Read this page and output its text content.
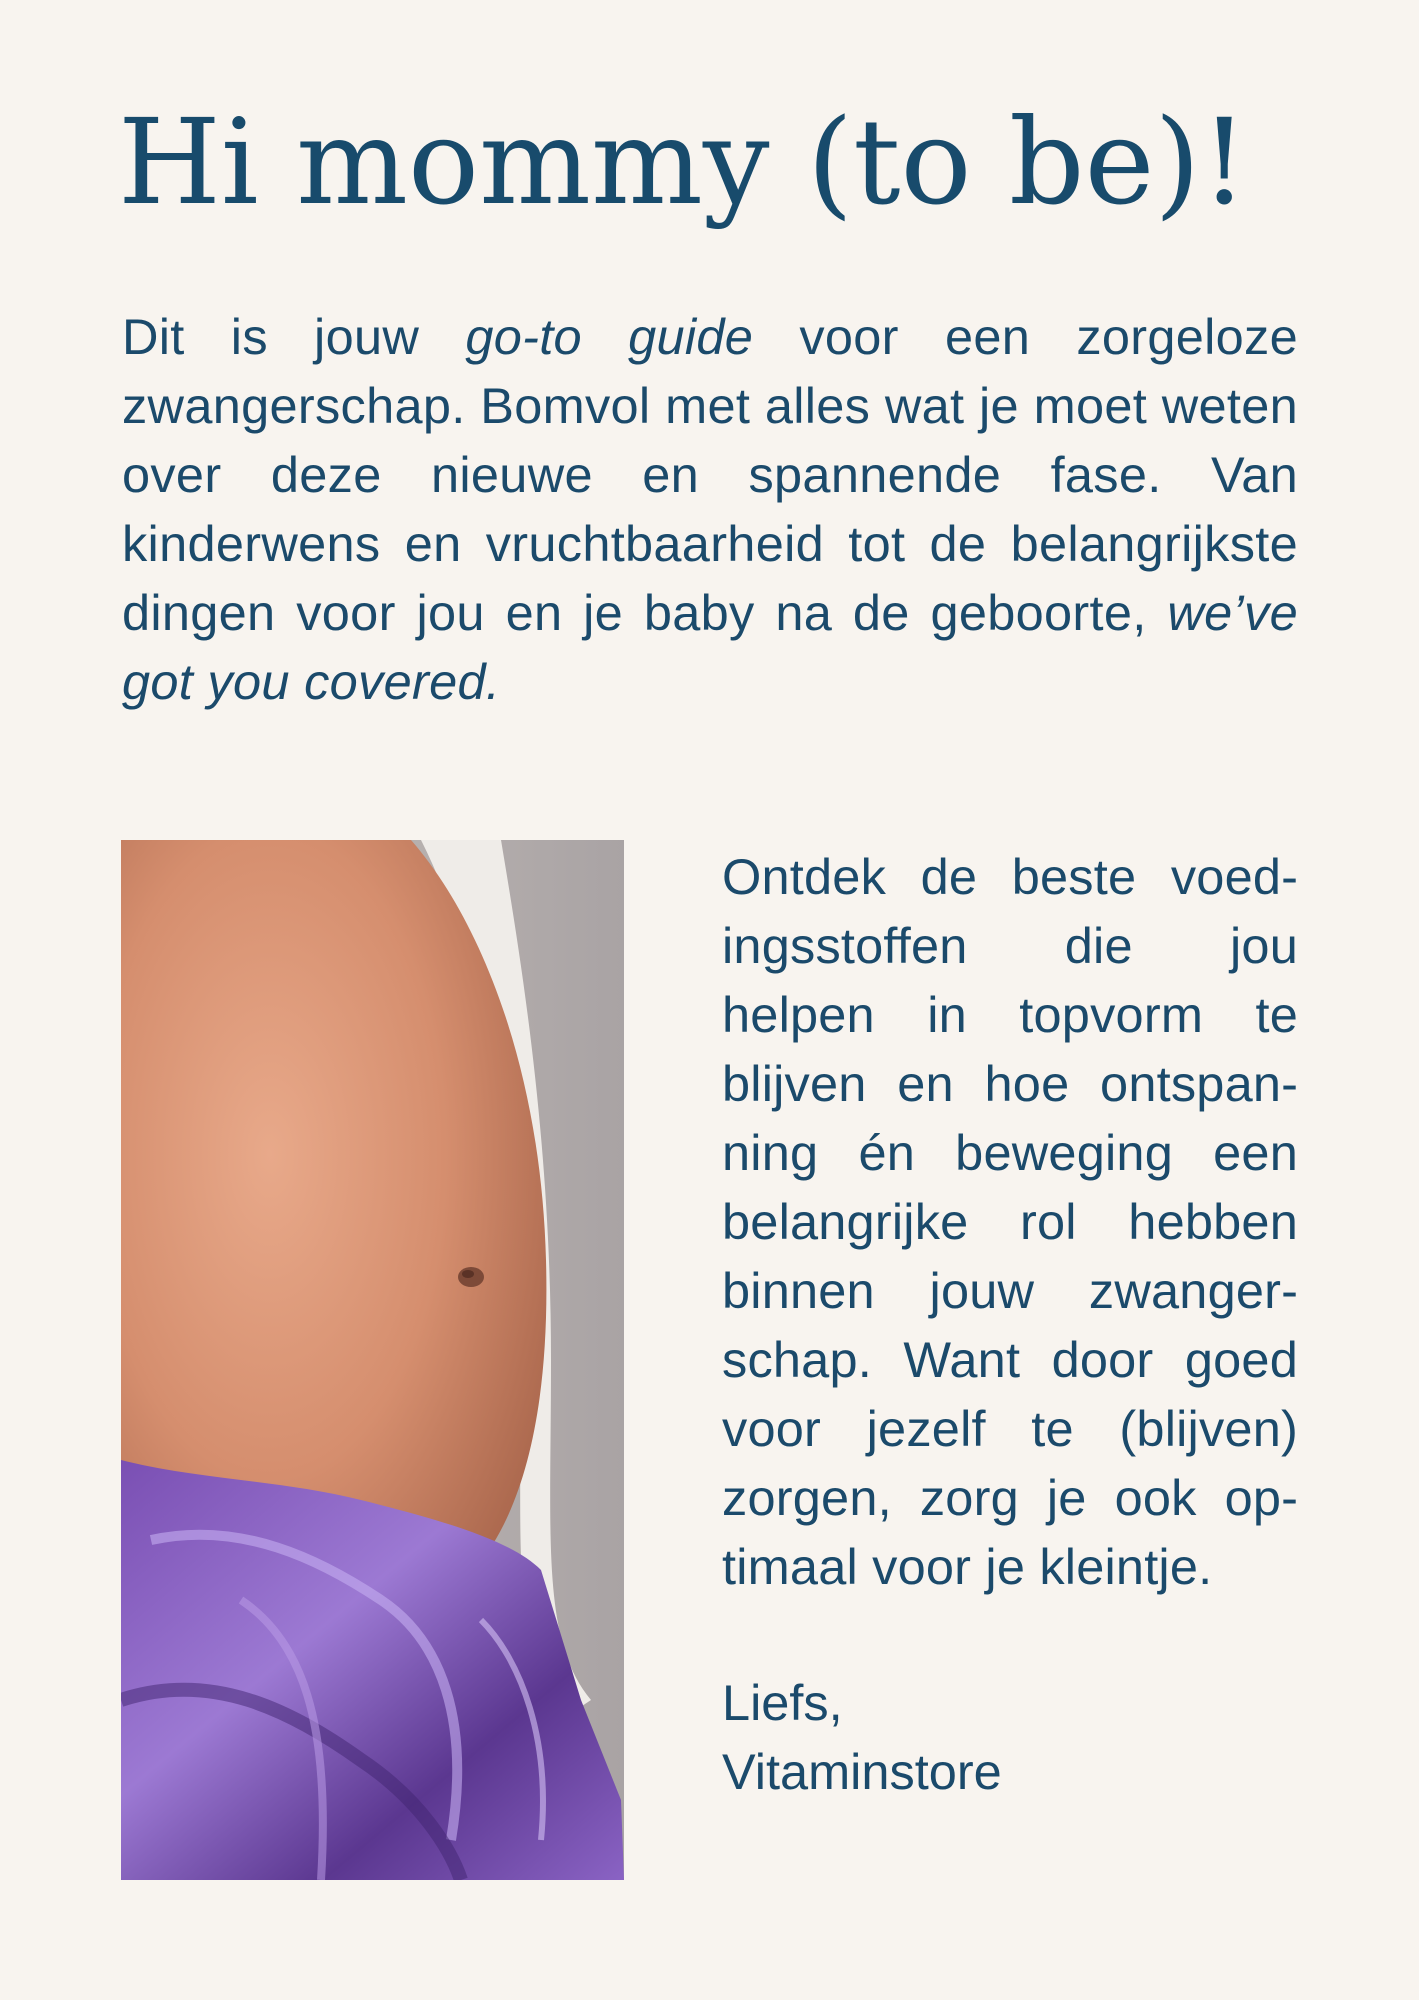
Hi mommy (to be)!

Dit is jouw go-to guide voor een zorgeloze zwangerschap. Bomvol met alles wat je moet weten over deze nieuwe en spannende fase. Van kinderwens en vruchtbaarheid tot de belangrijkste dingen voor jou en je baby na de geboorte, we’ve got you covered.

Ontdek de beste voedingsstoffen die jou helpen in topvorm te blijven en hoe ontspanning én beweging een belangrijke rol hebben binnen jouw zwangerschap. Want door goed voor jezelf te (blijven) zorgen, zorg je ook optimaal voor je kleintje.

Liefs,
Vitaminstore
